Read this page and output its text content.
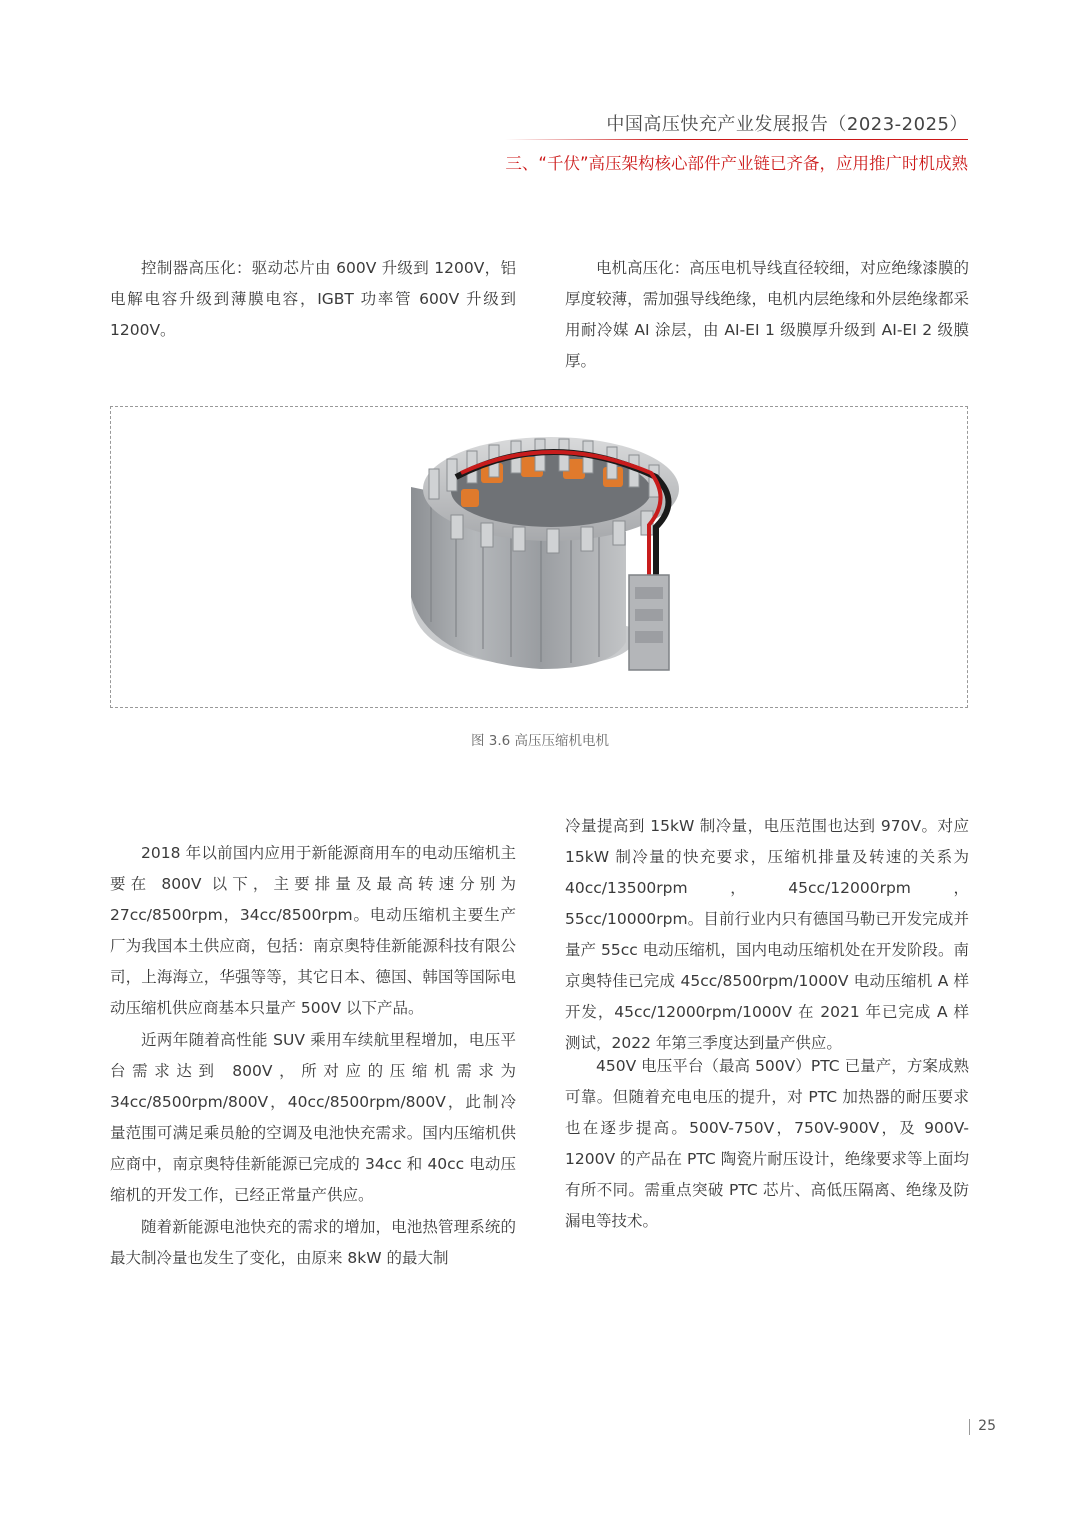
中国高压快充产业发展报告（2023-2025）
三、“千伏”高压架构核心部件产业链已齐备，应用推广时机成熟

控制器高压化：驱动芯片由 600V 升级到 1200V，铝电解电容升级到薄膜电容，IGBT 功率管 600V 升级到 1200V。

电机高压化：高压电机导线直径较细，对应绝缘漆膜的厚度较薄，需加强导线绝缘，电机内层绝缘和外层绝缘都采用耐冷媒 AI 涂层，由 AI-EI 1 级膜厚升级到 AI-EI 2 级膜厚。

图 3.6 高压压缩机电机

2018 年以前国内应用于新能源商用车的电动压缩机主要在 800V 以下，主要排量及最高转速分别为 27cc/8500rpm，34cc/8500rpm。电动压缩机主要生产厂为我国本土供应商，包括：南京奥特佳新能源科技有限公司，上海海立，华强等等，其它日本、德国、韩国等国际电动压缩机供应商基本只量产 500V 以下产品。

近两年随着高性能 SUV 乘用车续航里程增加，电压平台需求达到 800V，所对应的压缩机需求为 34cc/8500rpm/800V，40cc/8500rpm/800V，此制冷量范围可满足乘员舱的空调及电池快充需求。国内压缩机供应商中，南京奥特佳新能源已完成的 34cc 和 40cc 电动压缩机的开发工作，已经正常量产供应。

随着新能源电池快充的需求的增加，电池热管理系统的最大制冷量也发生了变化，由原来 8kW 的最大制

冷量提高到 15kW 制冷量，电压范围也达到 970V。对应 15kW 制冷量的快充要求，压缩机排量及转速的关系为 40cc/13500rpm，45cc/12000rpm，55cc/10000rpm。目前行业内只有德国马勒已开发完成并量产 55cc 电动压缩机，国内电动压缩机处在开发阶段。南京奥特佳已完成 45cc/8500rpm/1000V 电动压缩机 A 样开发，45cc/12000rpm/1000V 在 2021 年已完成 A 样测试，2022 年第三季度达到量产供应。

450V 电压平台（最高 500V）PTC 已量产，方案成熟可靠。但随着充电电压的提升，对 PTC 加热器的耐压要求也在逐步提高。500V-750V，750V-900V，及 900V-1200V 的产品在 PTC 陶瓷片耐压设计，绝缘要求等上面均有所不同。需重点突破 PTC 芯片、高低压隔离、绝缘及防漏电等技术。

25
